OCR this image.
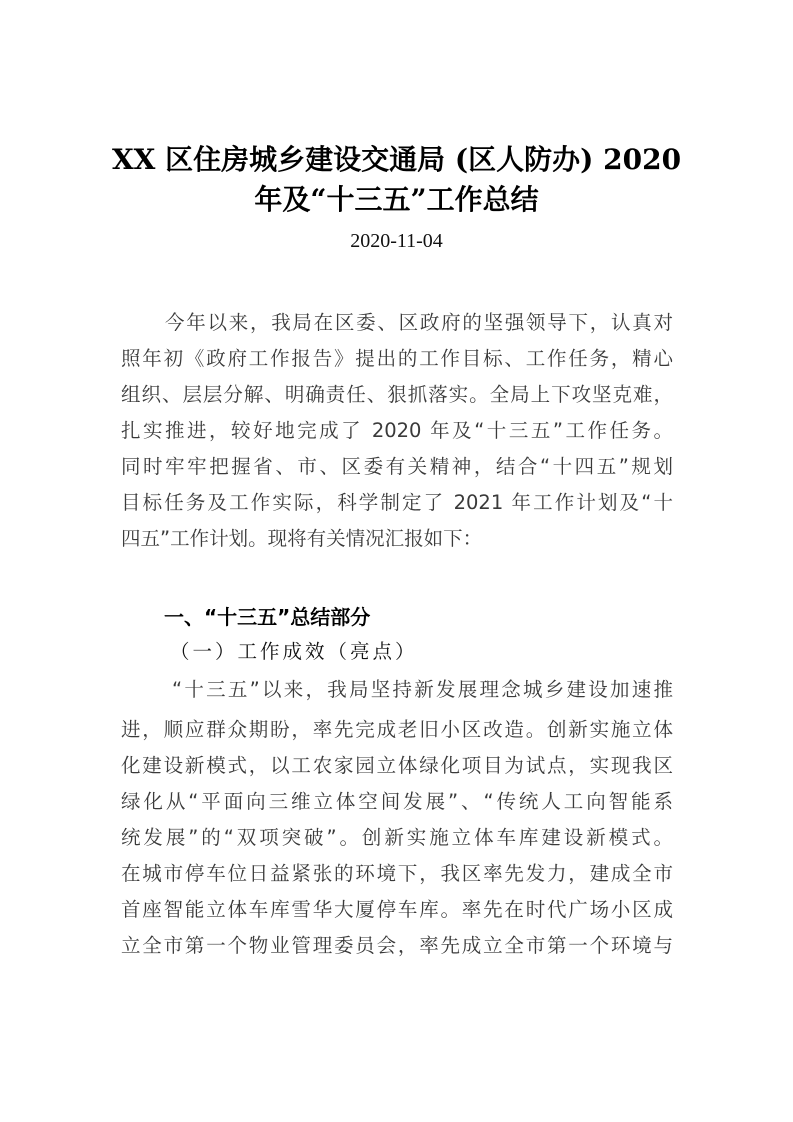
XX 区住房城乡建设交通局 (区人防办) 2020
年及“十三五”工作总结
2020-11-04
今年以来，我局在区委、区政府的坚强领导下，认真对
照年初《政府工作报告》提出的工作目标、工作任务，精心
组织、层层分解、明确责任、狠抓落实。全局上下攻坚克难，
扎实推进，较好地完成了 2020 年及“十三五”工作任务。
同时牢牢把握省、市、区委有关精神，结合“十四五”规划
目标任务及工作实际，科学制定了 2021 年工作计划及“十
四五”工作计划。现将有关情况汇报如下：
一、“十三五”总结部分
（一）工作成效（亮点）
“十三五”以来，我局坚持新发展理念城乡建设加速推
进，顺应群众期盼，率先完成老旧小区改造。创新实施立体
化建设新模式，以工农家园立体绿化项目为试点，实现我区
绿化从“平面向三维立体空间发展”、“传统人工向智能系
统发展”的“双项突破”。创新实施立体车库建设新模式。
在城市停车位日益紧张的环境下，我区率先发力，建成全市
首座智能立体车库雪华大厦停车库。率先在时代广场小区成
立全市第一个物业管理委员会，率先成立全市第一个环境与
